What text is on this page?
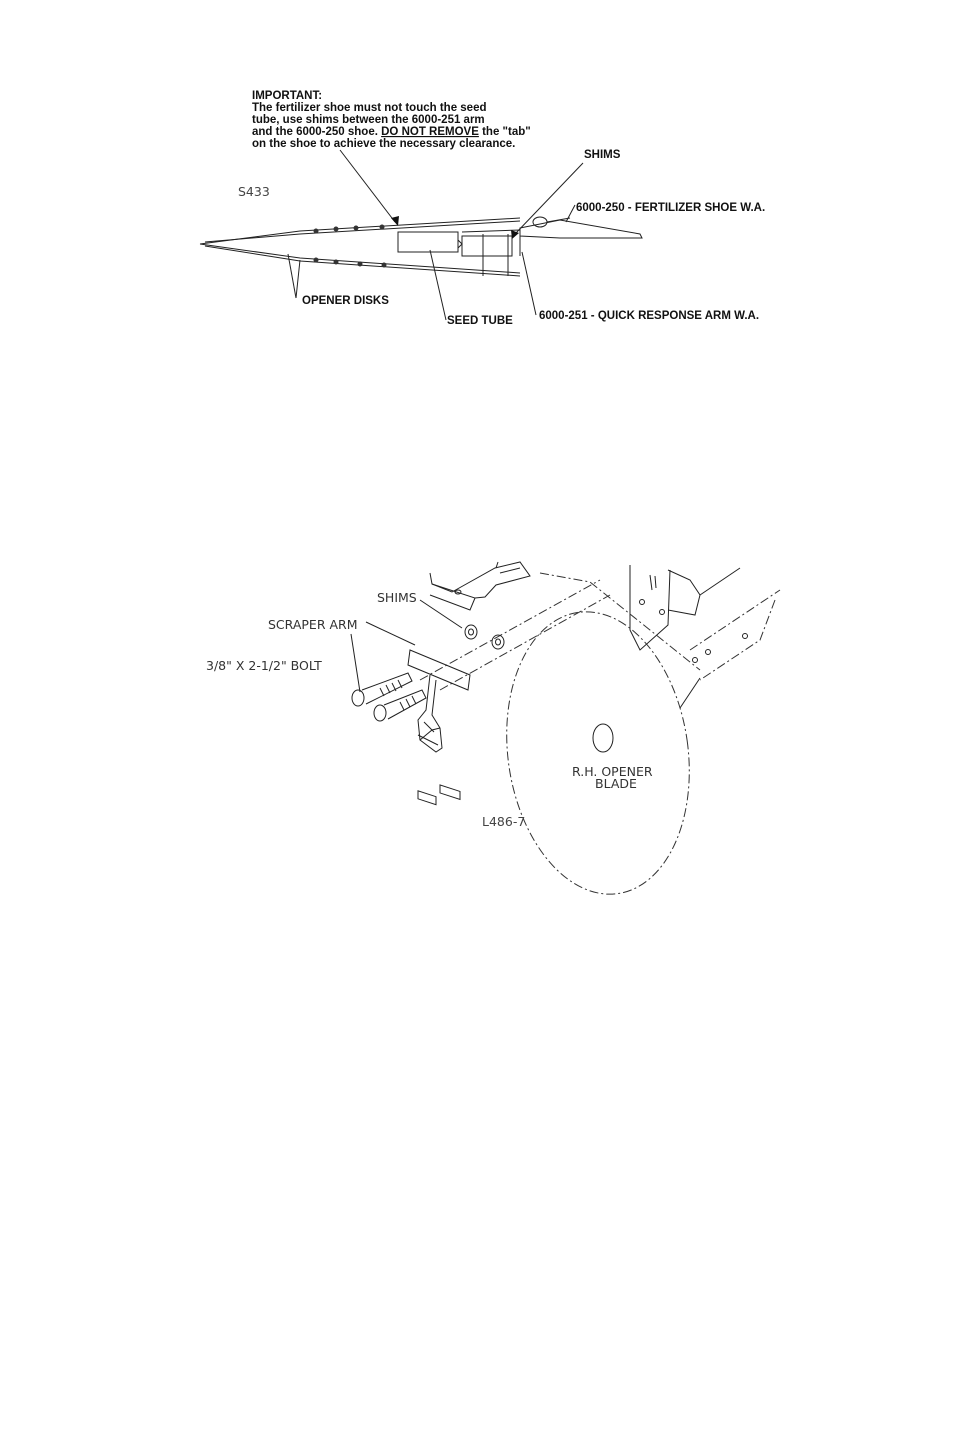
IMPORTANT:
The fertilizer shoe must not touch the seed
tube, use shims between the 6000-251 arm
and the 6000-250 shoe. DO NOT REMOVE the "tab"
on the shoe to achieve the necessary clearance.
S433
SHIMS
6000-250 - FERTILIZER SHOE W.A.
OPENER DISKS
SEED TUBE 6000-251 - QUICK RESPONSE ARM W.A.
SHIMS
SCRAPER ARM
3/8" X 2-1/2" BOLT
R.H. OPENER
BLADE
L486-7
